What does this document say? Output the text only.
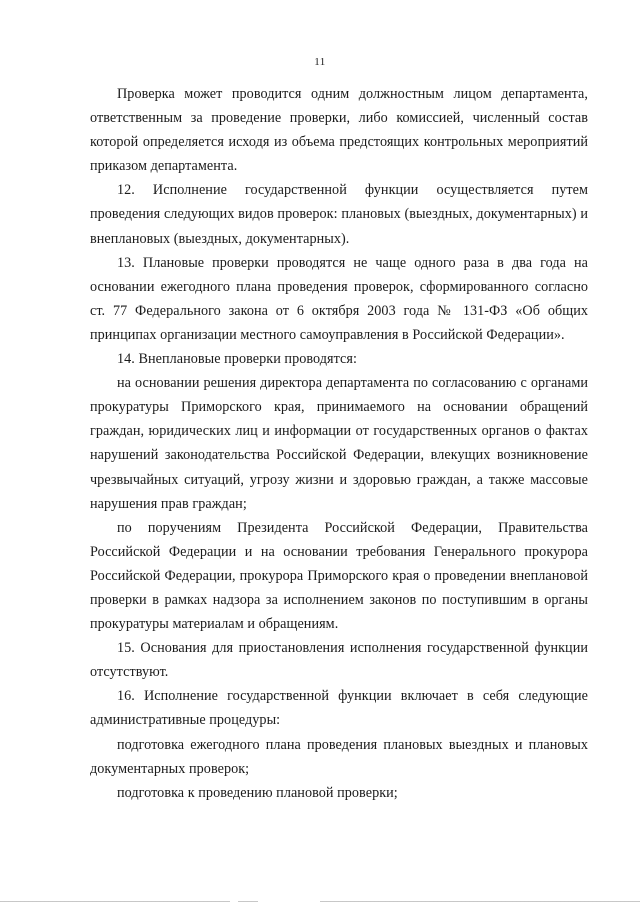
11

Проверка может проводится одним должностным лицом департамента, ответственным за проведение проверки, либо комиссией, численный состав которой определяется исходя из объема предстоящих контрольных мероприятий приказом департамента.

12. Исполнение государственной функции осуществляется путем проведения следующих видов проверок: плановых (выездных, документарных) и внеплановых (выездных, документарных).

13. Плановые проверки проводятся не чаще одного раза в два года на основании ежегодного плана проведения проверок, сформированного согласно ст. 77 Федерального закона от 6 октября 2003 года № 131-ФЗ «Об общих принципах организации местного самоуправления в Российской Федерации».

14. Внеплановые проверки проводятся:

на основании решения директора департамента по согласованию с органами прокуратуры Приморского края, принимаемого на основании обращений граждан, юридических лиц и информации от государственных органов о фактах нарушений законодательства Российской Федерации, влекущих возникновение чрезвычайных ситуаций, угрозу жизни и здоровью граждан, а также массовые нарушения прав граждан;

по поручениям Президента Российской Федерации, Правительства Российской Федерации и на основании требования Генерального прокурора Российской Федерации, прокурора Приморского края о проведении внеплановой проверки в рамках надзора за исполнением законов по поступившим в органы прокуратуры материалам и обращениям.

15. Основания для приостановления исполнения государственной функции отсутствуют.

16. Исполнение государственной функции включает в себя следующие административные процедуры:

подготовка ежегодного плана проведения плановых выездных и плановых документарных проверок;

подготовка к проведению плановой проверки;
